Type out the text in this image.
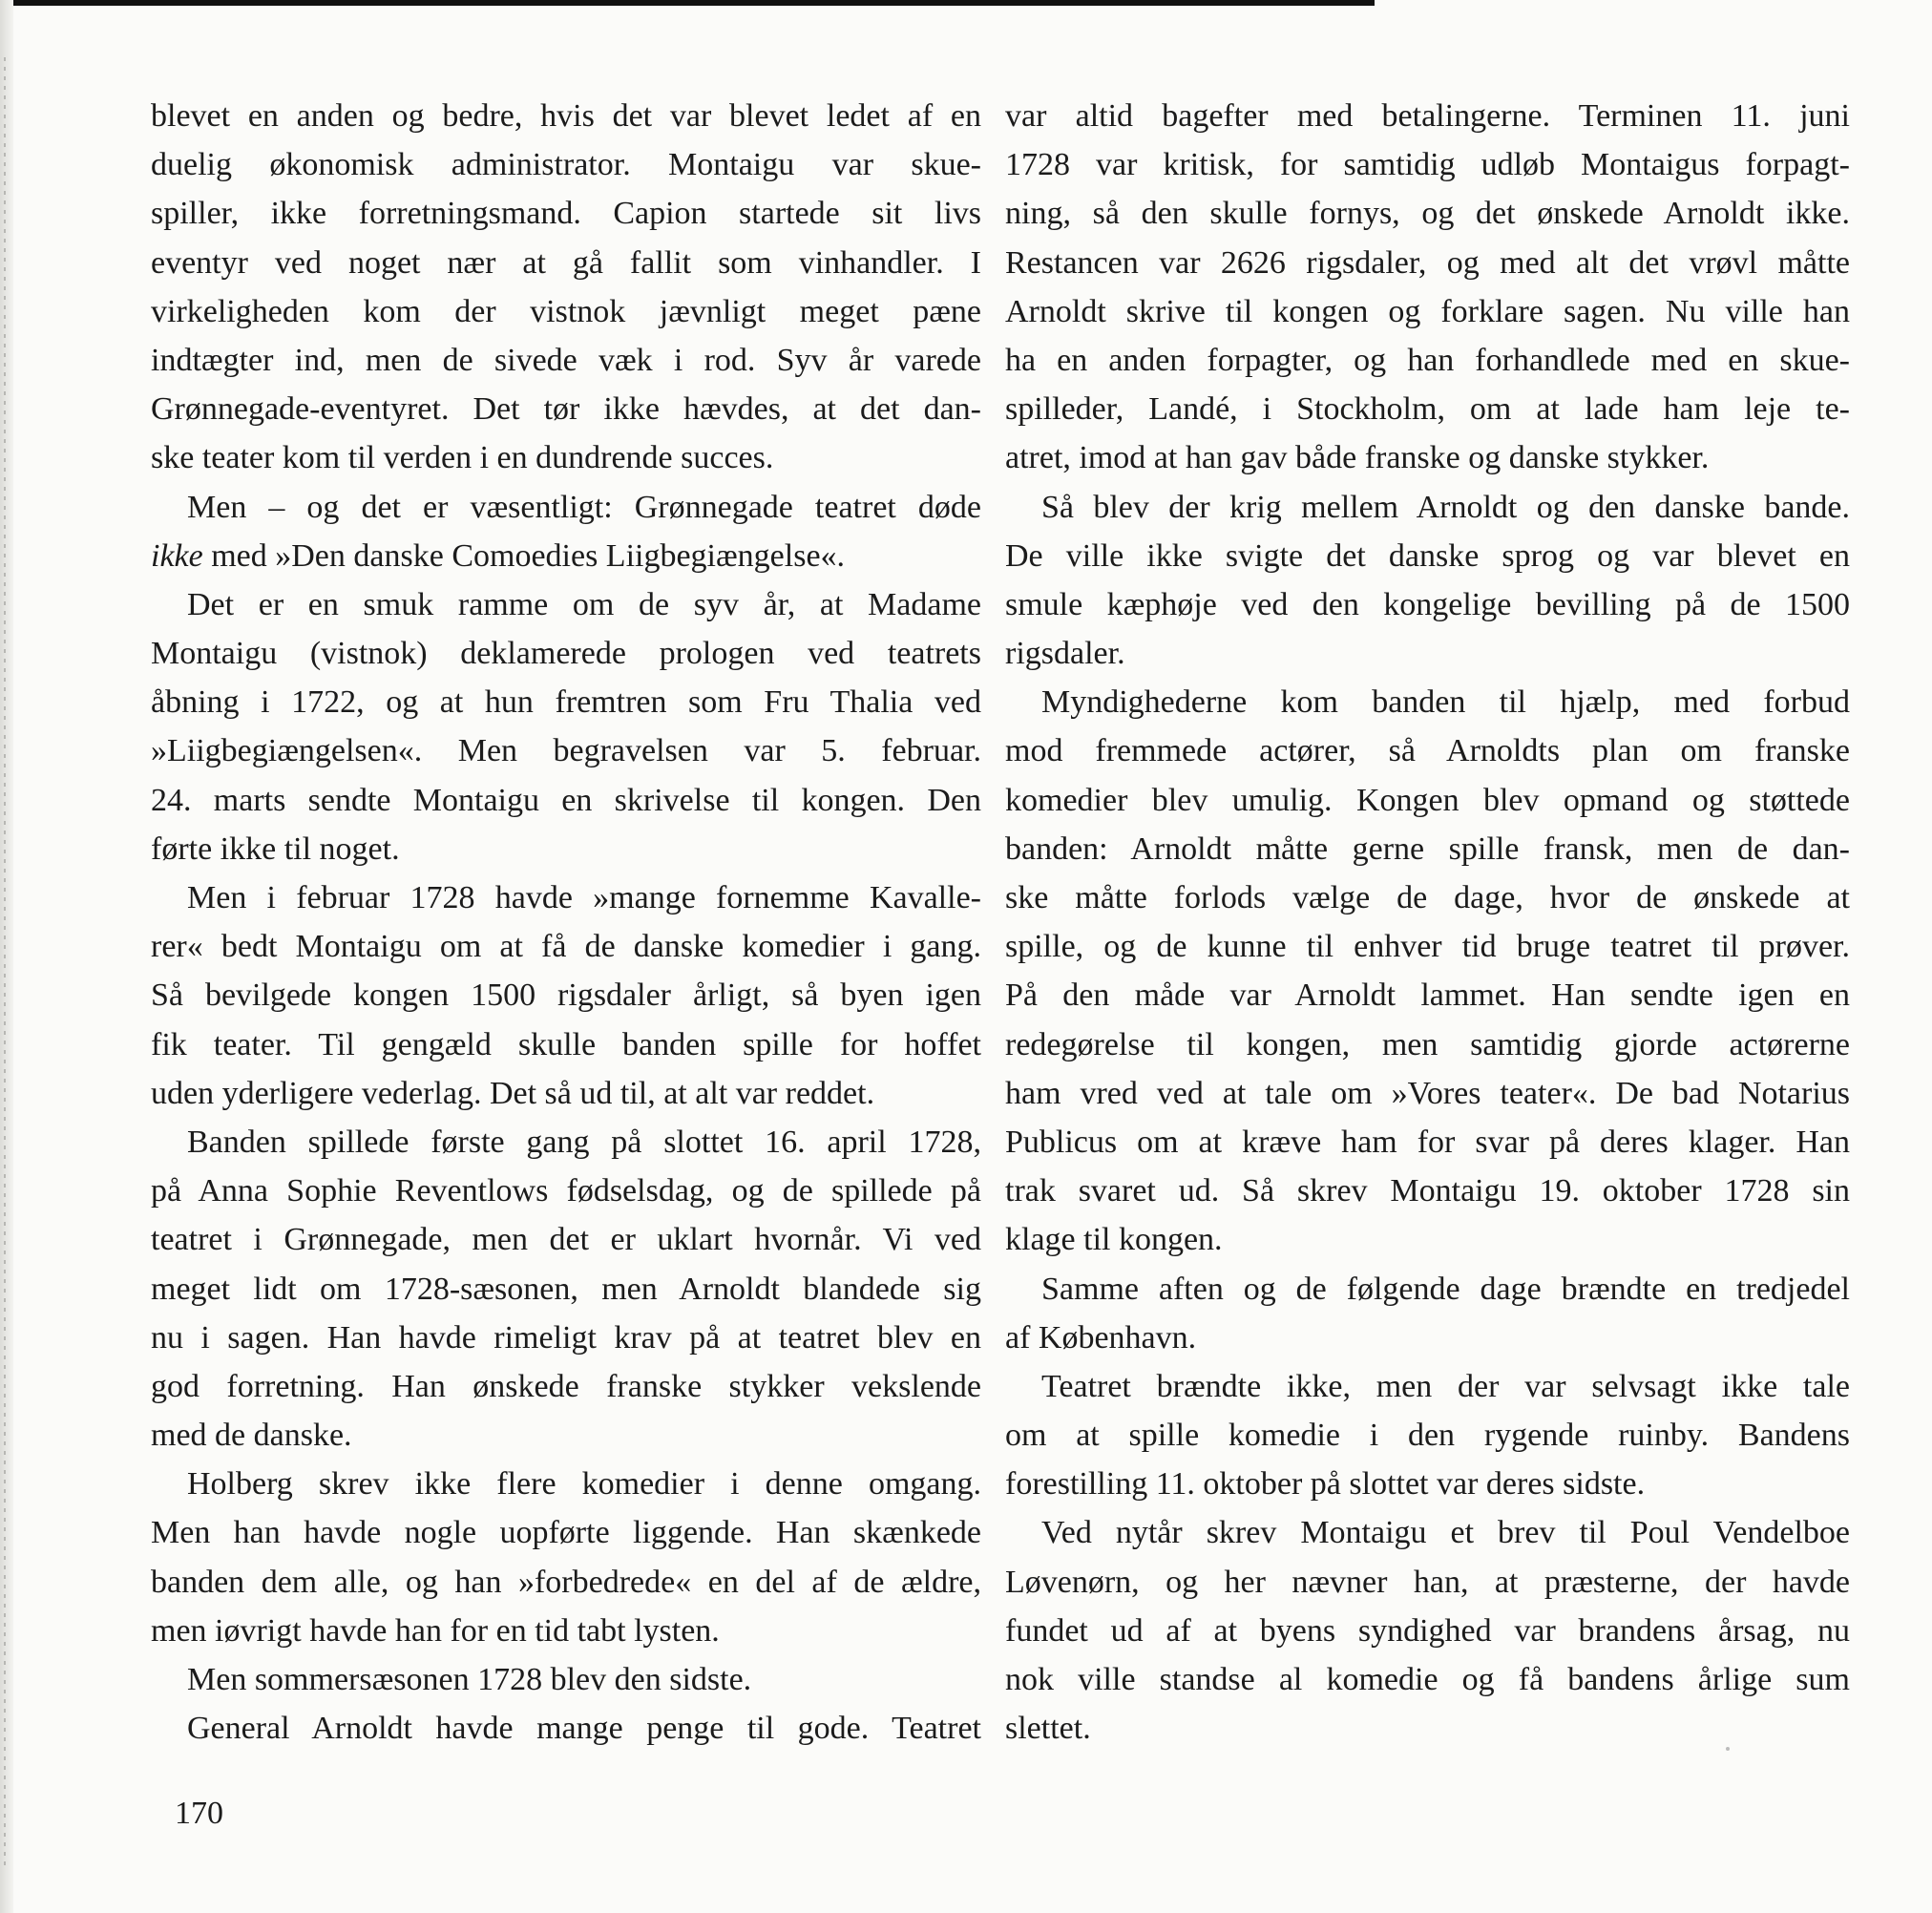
blevet en anden og bedre, hvis det var blevet ledet af en
duelig økonomisk administrator. Montaigu var skue-
spiller, ikke forretningsmand. Capion startede sit livs
eventyr ved noget nær at gå fallit som vinhandler. I
virkeligheden kom der vistnok jævnligt meget pæne
indtægter ind, men de sivede væk i rod. Syv år varede
Grønnegade-eventyret. Det tør ikke hævdes, at det dan-
ske teater kom til verden i en dundrende succes.
Men – og det er væsentligt: Grønnegade teatret døde
ikke med »Den danske Comoedies Liigbegiængelse«.
Det er en smuk ramme om de syv år, at Madame
Montaigu (vistnok) deklamerede prologen ved teatrets
åbning i 1722, og at hun fremtren som Fru Thalia ved
»Liigbegiængelsen«. Men begravelsen var 5. februar.
24. marts sendte Montaigu en skrivelse til kongen. Den
førte ikke til noget.
Men i februar 1728 havde »mange fornemme Kavalle-
rer« bedt Montaigu om at få de danske komedier i gang.
Så bevilgede kongen 1500 rigsdaler årligt, så byen igen
fik teater. Til gengæld skulle banden spille for hoffet
uden yderligere vederlag. Det så ud til, at alt var reddet.
Banden spillede første gang på slottet 16. april 1728,
på Anna Sophie Reventlows fødselsdag, og de spillede på
teatret i Grønnegade, men det er uklart hvornår. Vi ved
meget lidt om 1728-sæsonen, men Arnoldt blandede sig
nu i sagen. Han havde rimeligt krav på at teatret blev en
god forretning. Han ønskede franske stykker vekslende
med de danske.
Holberg skrev ikke flere komedier i denne omgang.
Men han havde nogle uopførte liggende. Han skænkede
banden dem alle, og han »forbedrede« en del af de ældre,
men iøvrigt havde han for en tid tabt lysten.
Men sommersæsonen 1728 blev den sidste.
General Arnoldt havde mange penge til gode. Teatret
var altid bagefter med betalingerne. Terminen 11. juni
1728 var kritisk, for samtidig udløb Montaigus forpagt-
ning, så den skulle fornys, og det ønskede Arnoldt ikke.
Restancen var 2626 rigsdaler, og med alt det vrøvl måtte
Arnoldt skrive til kongen og forklare sagen. Nu ville han
ha en anden forpagter, og han forhandlede med en skue-
spilleder, Landé, i Stockholm, om at lade ham leje te-
atret, imod at han gav både franske og danske stykker.
Så blev der krig mellem Arnoldt og den danske bande.
De ville ikke svigte det danske sprog og var blevet en
smule kæphøje ved den kongelige bevilling på de 1500
rigsdaler.
Myndighederne kom banden til hjælp, med forbud
mod fremmede actører, så Arnoldts plan om franske
komedier blev umulig. Kongen blev opmand og støttede
banden: Arnoldt måtte gerne spille fransk, men de dan-
ske måtte forlods vælge de dage, hvor de ønskede at
spille, og de kunne til enhver tid bruge teatret til prøver.
På den måde var Arnoldt lammet. Han sendte igen en
redegørelse til kongen, men samtidig gjorde actørerne
ham vred ved at tale om »Vores teater«. De bad Notarius
Publicus om at kræve ham for svar på deres klager. Han
trak svaret ud. Så skrev Montaigu 19. oktober 1728 sin
klage til kongen.
Samme aften og de følgende dage brændte en tredjedel
af København.
Teatret brændte ikke, men der var selvsagt ikke tale
om at spille komedie i den rygende ruinby. Bandens
forestilling 11. oktober på slottet var deres sidste.
Ved nytår skrev Montaigu et brev til Poul Vendelboe
Løvenørn, og her nævner han, at præsterne, der havde
fundet ud af at byens syndighed var brandens årsag, nu
nok ville standse al komedie og få bandens årlige sum
slettet.
170
